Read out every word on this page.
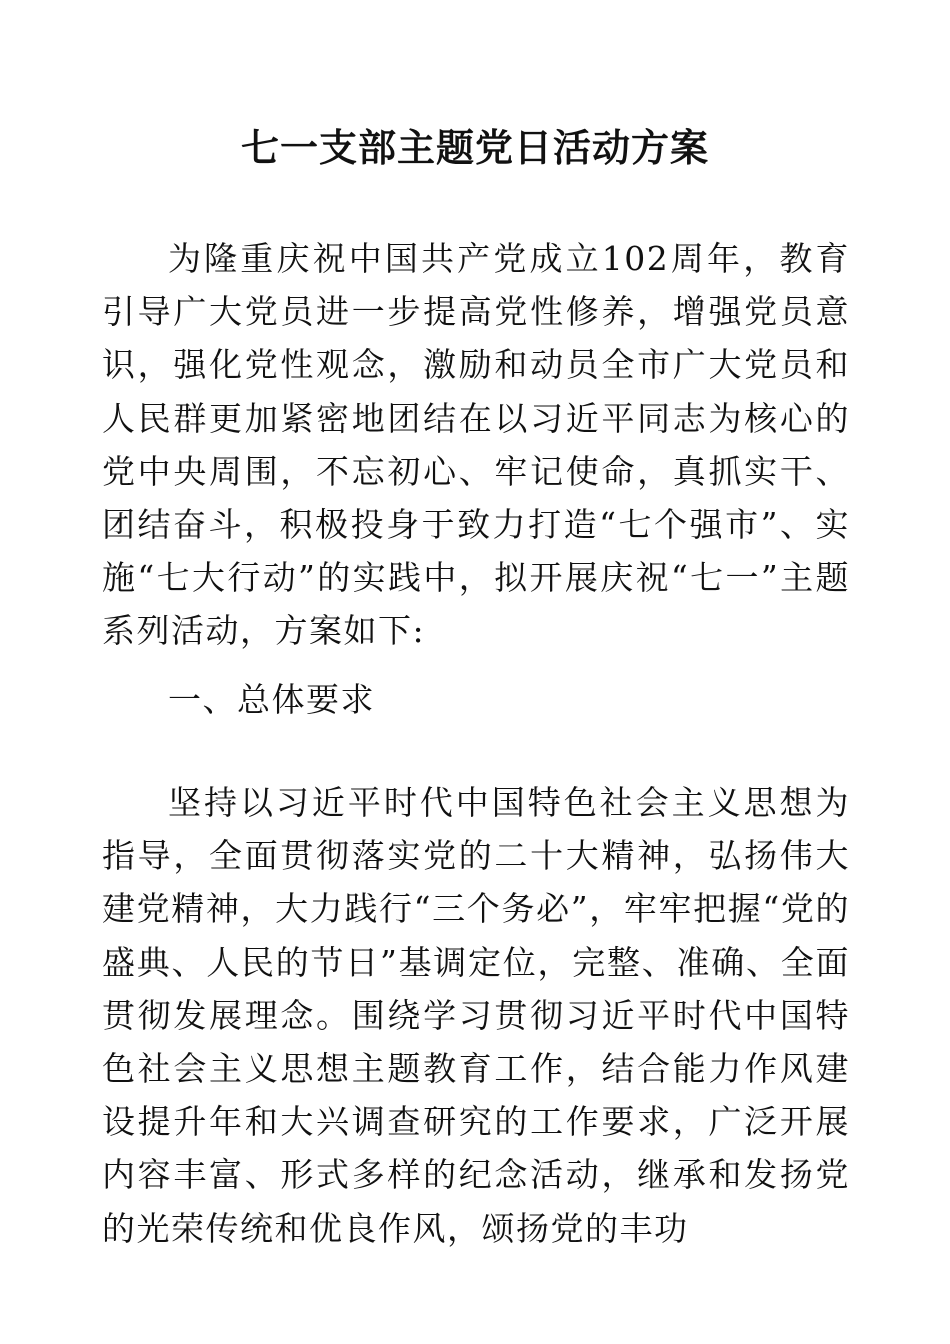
七一支部主题党日活动方案
为隆重庆祝中国共产党成立102周年，教育引导广大党员进一步提高党性修养，增强党员意识，强化党性观念，激励和动员全市广大党员和人民群更加紧密地团结在以习近平同志为核心的党中央周围，不忘初心、牢记使命，真抓实干、团结奋斗，积极投身于致力打造“七个强市”、实施“七大行动”的实践中，拟开展庆祝“七一”主题系列活动，方案如下:
一、总体要求
坚持以习近平时代中国特色社会主义思想为指导，全面贯彻落实党的二十大精神，弘扬伟大建党精神，大力践行“三个务必”，牢牢把握“党的盛典、人民的节日”基调定位，完整、准确、全面贯彻发展理念。围绕学习贯彻习近平时代中国特色社会主义思想主题教育工作，结合能力作风建设提升年和大兴调查研究的工作要求，广泛开展内容丰富、形式多样的纪念活动，继承和发扬党的光荣传统和优良作风，颂扬党的丰功
